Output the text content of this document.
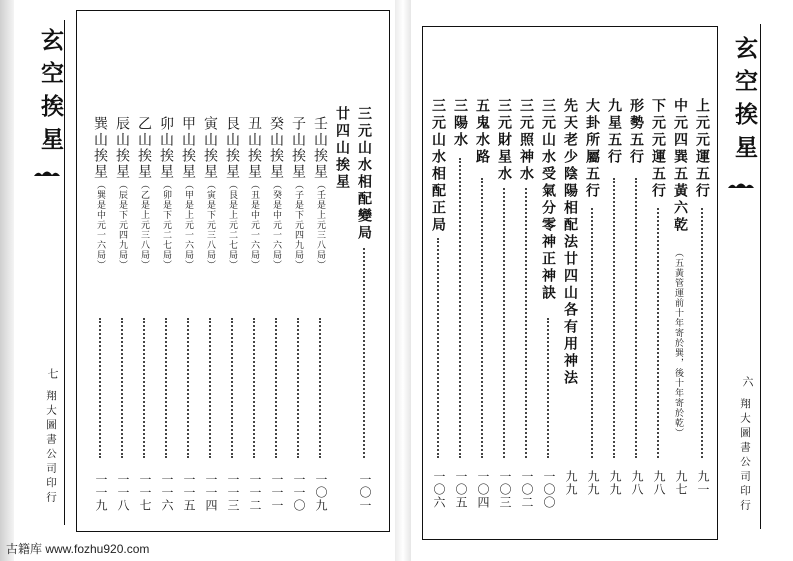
玄空挨星
七
翔大圖書公司印行
三元山水相配變局
一〇一
廿四山挨星
壬山挨星（壬是上元三八局）
一〇九
子山挨星（子是下元四九局）
一一〇
癸山挨星（癸是中元一六局）
一一一
丑山挨星（丑是中元一六局）
一一二
艮山挨星（艮是上元二七局）
一一三
寅山挨星（寅是下元三八局）
一一四
甲山挨星（甲是上元一六局）
一一五
卯山挨星（卯是下元二七局）
一一六
乙山挨星（乙是上元三八局）
一一七
辰山挨星（辰是下元四九局）
一一八
巽山挨星（巽是中元一六局）
一一九
玄空挨星
六
翔大圖書公司印行
上元元運五行
九一
中元四巽五黃六乾
（五黃管運前十年寄於巽，後十年寄於乾）
九七
下元元運五行
九八
形勢五行
九八
九星五行
九九
大卦所屬五行
九九
先天老少陰陽相配法廿四山各有用神法
九九
三元山水受氣分零神正神訣
一〇〇
三元照神水
一〇二
三元財星水
一〇三
五鬼水路
一〇四
三陽水
一〇五
三元山水相配正局
一〇六
古籍库 www.fozhu920.com
